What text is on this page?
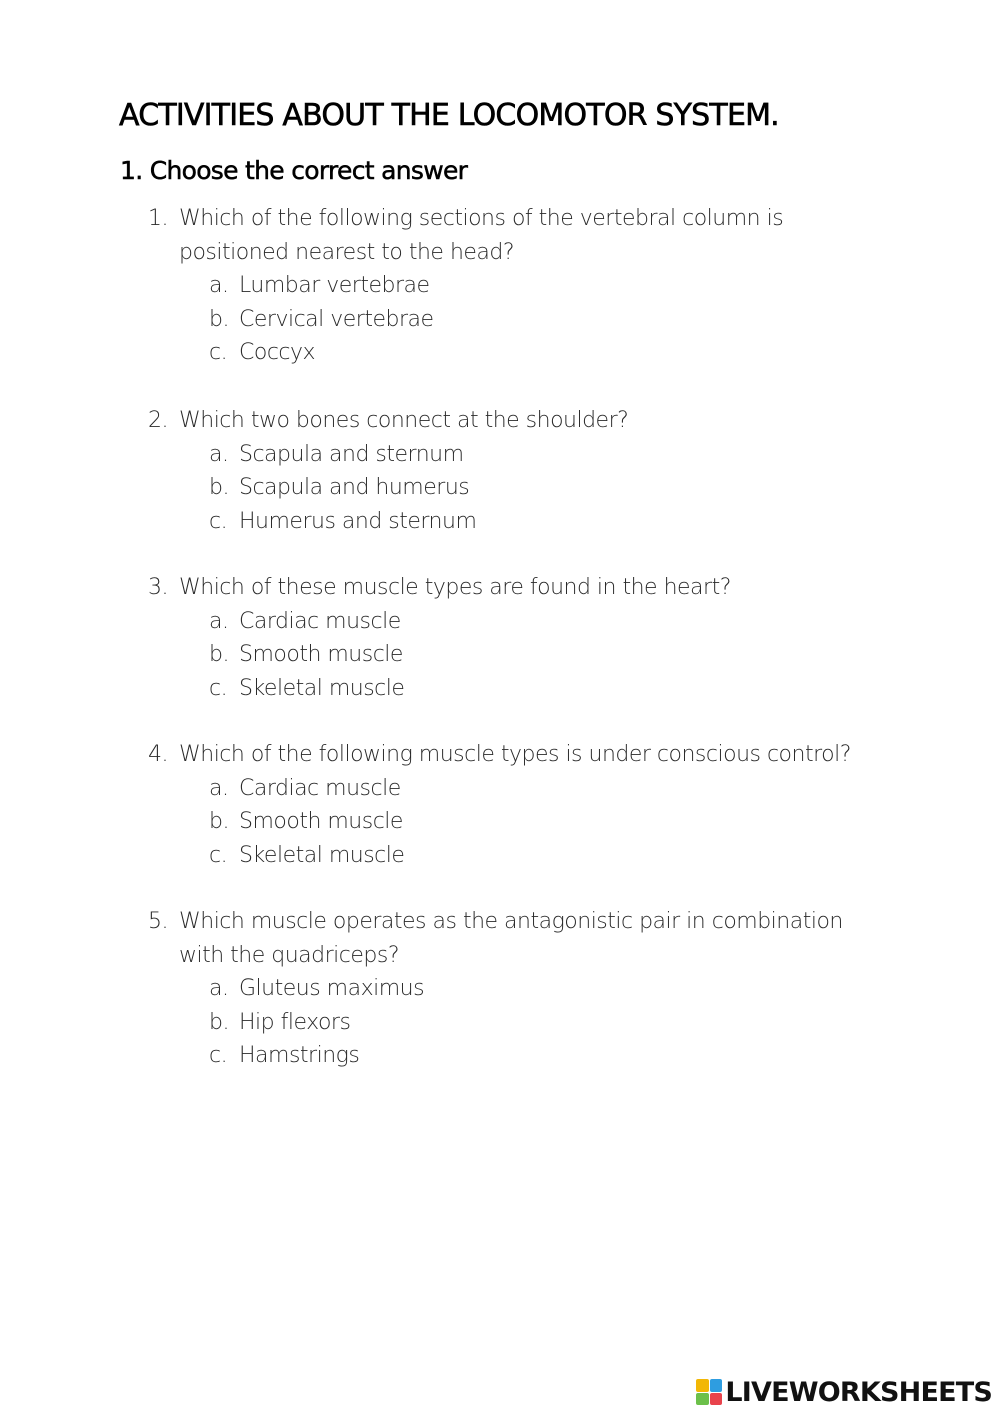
ACTIVITIES ABOUT THE LOCOMOTOR SYSTEM.
1. Choose the correct answer
1. Which of the following sections of the vertebral column is positioned nearest to the head?
a. Lumbar vertebrae
b. Cervical vertebrae
c. Coccyx
2. Which two bones connect at the shoulder?
a. Scapula and sternum
b. Scapula and humerus
c. Humerus and sternum
3. Which of these muscle types are found in the heart?
a. Cardiac muscle
b. Smooth muscle
c. Skeletal muscle
4. Which of the following muscle types is under conscious control?
a. Cardiac muscle
b. Smooth muscle
c. Skeletal muscle
5. Which muscle operates as the antagonistic pair in combination with the quadriceps?
a. Gluteus maximus
b. Hip flexors
c. Hamstrings
LIVEWORKSHEETS
